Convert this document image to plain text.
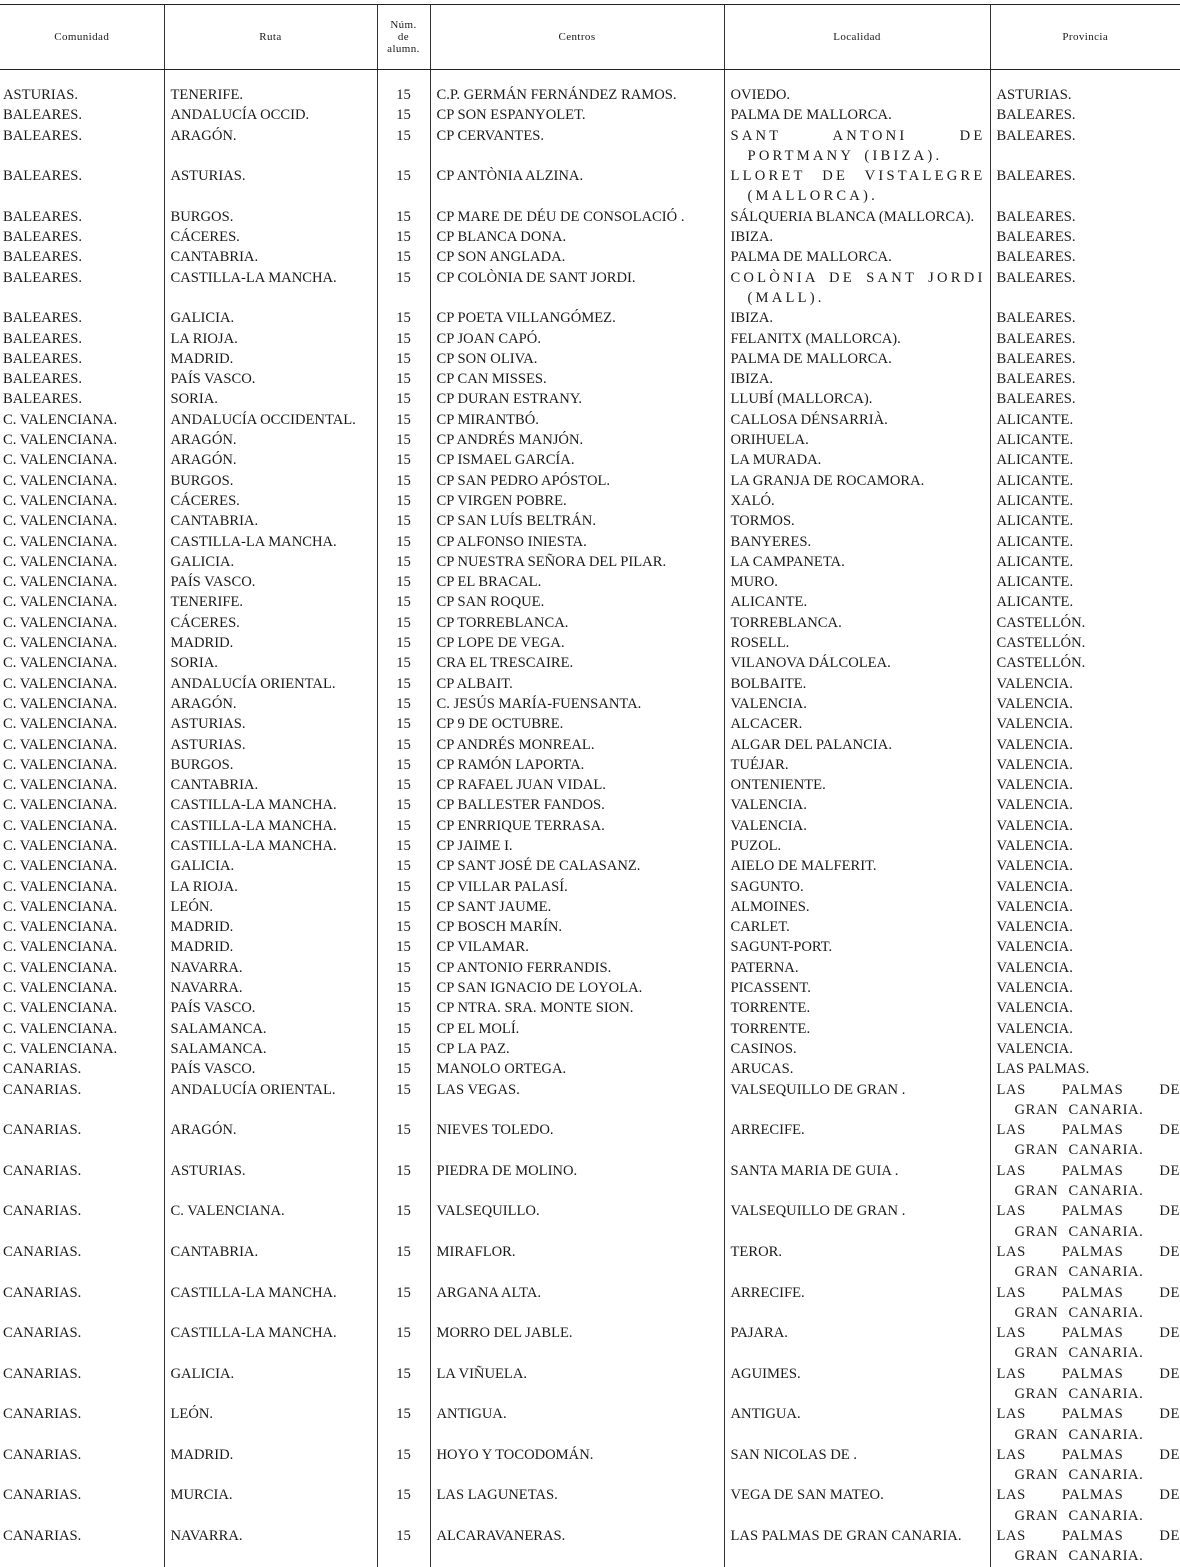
Comunidad	Ruta	Núm.
de
alumn.	Centros	Localidad	Provincia

ASTURIAS.	TENERIFE.	15	C.P. GERMÁN FERNÁNDEZ RAMOS.	OVIEDO.	ASTURIAS.
BALEARES.	ANDALUCÍA OCCID.	15	CP SON ESPANYOLET.	PALMA DE MALLORCA.	BALEARES.
BALEARES.	ARAGÓN.	15	CP CERVANTES.	SANT ANTONI DE PORTMANY (IBIZA).	BALEARES.
BALEARES.	ASTURIAS.	15	CP ANTÒNIA ALZINA.	LLORET DE VISTALEGRE (MALLORCA).	BALEARES.
BALEARES.	BURGOS.	15	CP MARE DE DÉU DE CONSOLACIÓ .	SÁLQUERIA BLANCA (MALLORCA).	BALEARES.
BALEARES.	CÁCERES.	15	CP BLANCA DONA.	IBIZA.	BALEARES.
BALEARES.	CANTABRIA.	15	CP SON ANGLADA.	PALMA DE MALLORCA.	BALEARES.
BALEARES.	CASTILLA-LA MANCHA.	15	CP COLÒNIA DE SANT JORDI.	COLÒNIA DE SANT JORDI (MALL).	BALEARES.
BALEARES.	GALICIA.	15	CP POETA VILLANGÓMEZ.	IBIZA.	BALEARES.
BALEARES.	LA RIOJA.	15	CP JOAN CAPÓ.	FELANITX (MALLORCA).	BALEARES.
BALEARES.	MADRID.	15	CP SON OLIVA.	PALMA DE MALLORCA.	BALEARES.
BALEARES.	PAÍS VASCO.	15	CP CAN MISSES.	IBIZA.	BALEARES.
BALEARES.	SORIA.	15	CP DURAN ESTRANY.	LLUBÍ (MALLORCA).	BALEARES.
C. VALENCIANA.	ANDALUCÍA OCCIDENTAL.	15	CP MIRANTBÓ.	CALLOSA DÉNSARRIÀ.	ALICANTE.
C. VALENCIANA.	ARAGÓN.	15	CP ANDRÉS MANJÓN.	ORIHUELA.	ALICANTE.
C. VALENCIANA.	ARAGÓN.	15	CP ISMAEL GARCÍA.	LA MURADA.	ALICANTE.
C. VALENCIANA.	BURGOS.	15	CP SAN PEDRO APÓSTOL.	LA GRANJA DE ROCAMORA.	ALICANTE.
C. VALENCIANA.	CÁCERES.	15	CP VIRGEN POBRE.	XALÓ.	ALICANTE.
C. VALENCIANA.	CANTABRIA.	15	CP SAN LUÍS BELTRÁN.	TORMOS.	ALICANTE.
C. VALENCIANA.	CASTILLA-LA MANCHA.	15	CP ALFONSO INIESTA.	BANYERES.	ALICANTE.
C. VALENCIANA.	GALICIA.	15	CP NUESTRA SEÑORA DEL PILAR.	LA CAMPANETA.	ALICANTE.
C. VALENCIANA.	PAÍS VASCO.	15	CP EL BRACAL.	MURO.	ALICANTE.
C. VALENCIANA.	TENERIFE.	15	CP SAN ROQUE.	ALICANTE.	ALICANTE.
C. VALENCIANA.	CÁCERES.	15	CP TORREBLANCA.	TORREBLANCA.	CASTELLÓN.
C. VALENCIANA.	MADRID.	15	CP LOPE DE VEGA.	ROSELL.	CASTELLÓN.
C. VALENCIANA.	SORIA.	15	CRA EL TRESCAIRE.	VILANOVA DÁLCOLEA.	CASTELLÓN.
C. VALENCIANA.	ANDALUCÍA ORIENTAL.	15	CP ALBAIT.	BOLBAITE.	VALENCIA.
C. VALENCIANA.	ARAGÓN.	15	C. JESÚS MARÍA-FUENSANTA.	VALENCIA.	VALENCIA.
C. VALENCIANA.	ASTURIAS.	15	CP 9 DE OCTUBRE.	ALCACER.	VALENCIA.
C. VALENCIANA.	ASTURIAS.	15	CP ANDRÉS MONREAL.	ALGAR DEL PALANCIA.	VALENCIA.
C. VALENCIANA.	BURGOS.	15	CP RAMÓN LAPORTA.	TUÉJAR.	VALENCIA.
C. VALENCIANA.	CANTABRIA.	15	CP RAFAEL JUAN VIDAL.	ONTENIENTE.	VALENCIA.
C. VALENCIANA.	CASTILLA-LA MANCHA.	15	CP BALLESTER FANDOS.	VALENCIA.	VALENCIA.
C. VALENCIANA.	CASTILLA-LA MANCHA.	15	CP ENRRIQUE TERRASA.	VALENCIA.	VALENCIA.
C. VALENCIANA.	CASTILLA-LA MANCHA.	15	CP JAIME I.	PUZOL.	VALENCIA.
C. VALENCIANA.	GALICIA.	15	CP SANT JOSÉ DE CALASANZ.	AIELO DE MALFERIT.	VALENCIA.
C. VALENCIANA.	LA RIOJA.	15	CP VILLAR PALASÍ.	SAGUNTO.	VALENCIA.
C. VALENCIANA.	LEÓN.	15	CP SANT JAUME.	ALMOINES.	VALENCIA.
C. VALENCIANA.	MADRID.	15	CP BOSCH MARÍN.	CARLET.	VALENCIA.
C. VALENCIANA.	MADRID.	15	CP VILAMAR.	SAGUNT-PORT.	VALENCIA.
C. VALENCIANA.	NAVARRA.	15	CP ANTONIO FERRANDIS.	PATERNA.	VALENCIA.
C. VALENCIANA.	NAVARRA.	15	CP SAN IGNACIO DE LOYOLA.	PICASSENT.	VALENCIA.
C. VALENCIANA.	PAÍS VASCO.	15	CP NTRA. SRA. MONTE SION.	TORRENTE.	VALENCIA.
C. VALENCIANA.	SALAMANCA.	15	CP EL MOLÍ.	TORRENTE.	VALENCIA.
C. VALENCIANA.	SALAMANCA.	15	CP LA PAZ.	CASINOS.	VALENCIA.
CANARIAS.	PAÍS VASCO.	15	MANOLO ORTEGA.	ARUCAS.	LAS PALMAS.
CANARIAS.	ANDALUCÍA ORIENTAL.	15	LAS VEGAS.	VALSEQUILLO DE GRAN .	LAS PALMAS DE GRAN CANARIA.

CANARIAS.	ARAGÓN.	15	NIEVES TOLEDO.	ARRECIFE.	LAS PALMAS DE GRAN CANARIA.

CANARIAS.	ASTURIAS.	15	PIEDRA DE MOLINO.	SANTA MARIA DE GUIA .	LAS PALMAS DE GRAN CANARIA.

CANARIAS.	C. VALENCIANA.	15	VALSEQUILLO.	VALSEQUILLO DE GRAN .	LAS PALMAS DE GRAN CANARIA.

CANARIAS.	CANTABRIA.	15	MIRAFLOR.	TEROR.	LAS PALMAS DE GRAN CANARIA.

CANARIAS.	CASTILLA-LA MANCHA.	15	ARGANA ALTA.	ARRECIFE.	LAS PALMAS DE GRAN CANARIA.

CANARIAS.	CASTILLA-LA MANCHA.	15	MORRO DEL JABLE.	PAJARA.	LAS PALMAS DE GRAN CANARIA.

CANARIAS.	GALICIA.	15	LA VIÑUELA.	AGUIMES.	LAS PALMAS DE GRAN CANARIA.

CANARIAS.	LEÓN.	15	ANTIGUA.	ANTIGUA.	LAS PALMAS DE GRAN CANARIA.

CANARIAS.	MADRID.	15	HOYO Y TOCODOMÁN.	SAN NICOLAS DE .	LAS PALMAS DE GRAN CANARIA.

CANARIAS.	MURCIA.	15	LAS LAGUNETAS.	VEGA DE SAN MATEO.	LAS PALMAS DE GRAN CANARIA.

CANARIAS.	NAVARRA.	15	ALCARAVANERAS.	LAS PALMAS DE GRAN CANARIA.	LAS PALMAS DE GRAN CANARIA.
